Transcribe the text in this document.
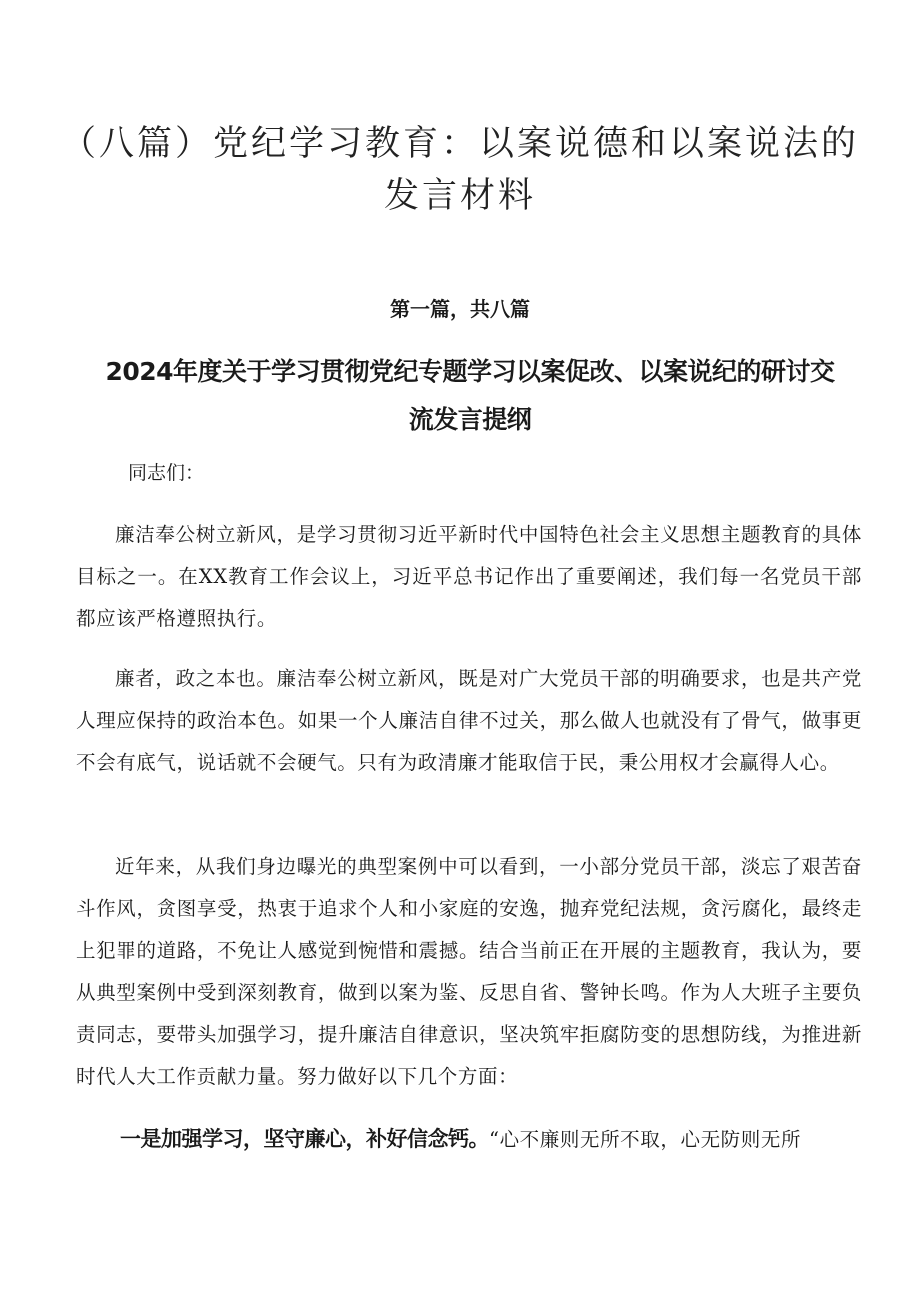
（八篇）党纪学习教育：以案说德和以案说法的发言材料

第一篇，共八篇

2024年度关于学习贯彻党纪专题学习以案促改、以案说纪的研讨交流发言提纲

同志们：

廉洁奉公树立新风，是学习贯彻习近平新时代中国特色社会主义思想主题教育的具体目标之一。在XX教育工作会议上，习近平总书记作出了重要阐述，我们每一名党员干部都应该严格遵照执行。

廉者，政之本也。廉洁奉公树立新风，既是对广大党员干部的明确要求，也是共产党人理应保持的政治本色。如果一个人廉洁自律不过关，那么做人也就没有了骨气，做事更不会有底气，说话就不会硬气。只有为政清廉才能取信于民，秉公用权才会赢得人心。

近年来，从我们身边曝光的典型案例中可以看到，一小部分党员干部，淡忘了艰苦奋斗作风，贪图享受，热衷于追求个人和小家庭的安逸，抛弃党纪法规，贪污腐化，最终走上犯罪的道路，不免让人感觉到惋惜和震撼。结合当前正在开展的主题教育，我认为，要从典型案例中受到深刻教育，做到以案为鉴、反思自省、警钟长鸣。作为人大班子主要负责同志，要带头加强学习，提升廉洁自律意识，坚决筑牢拒腐防变的思想防线，为推进新时代人大工作贡献力量。努力做好以下几个方面：

一是加强学习，坚守廉心，补好信念钙。“心不廉则无所不取，心无防则无所
